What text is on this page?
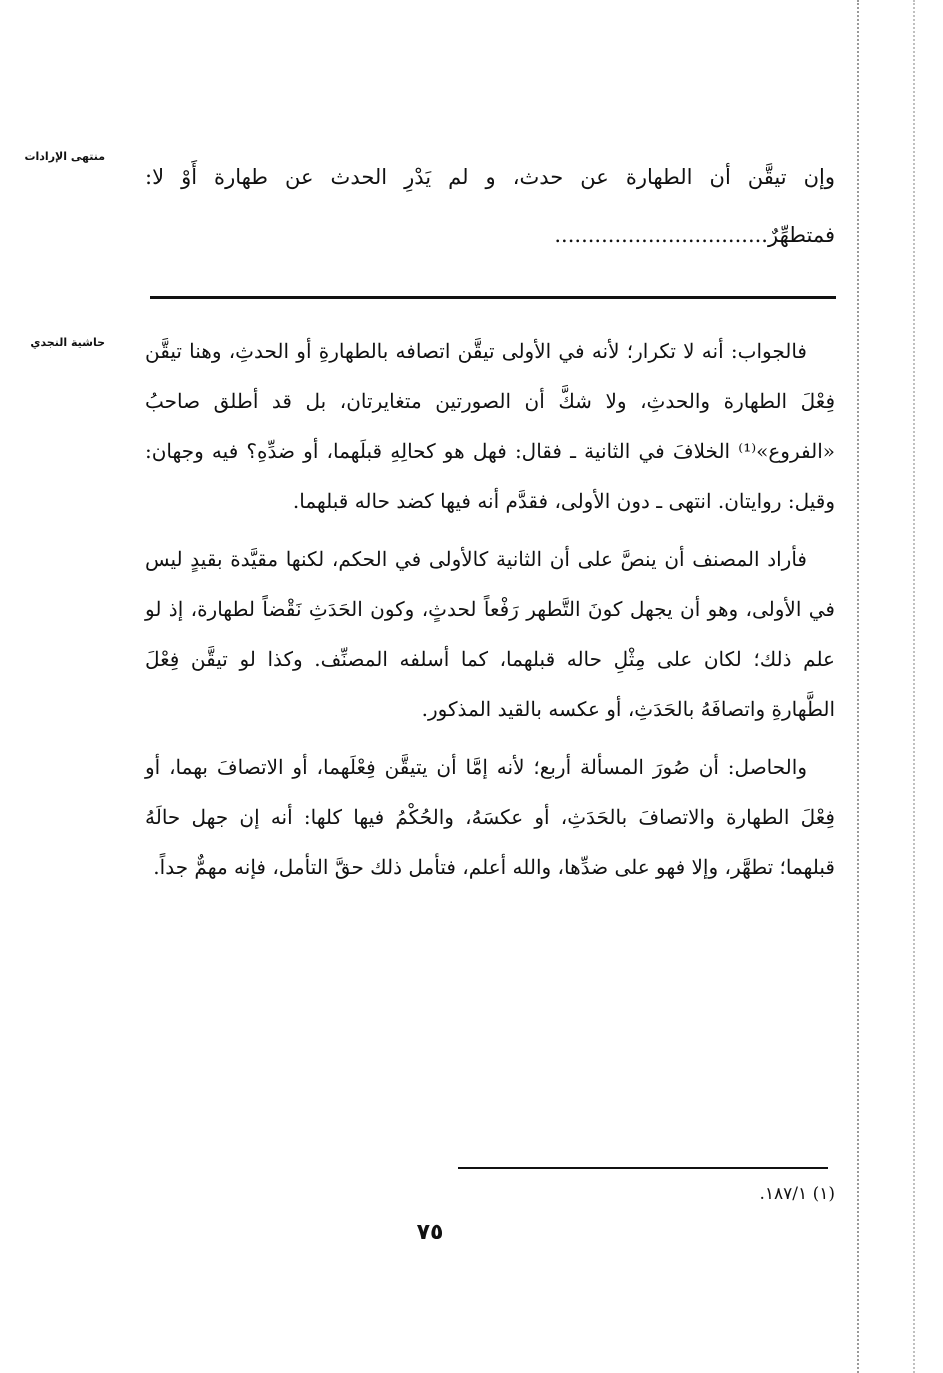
منتهى الإرادات
حاشية النجدي

وإن تيقَّن أن الطهارة عن حدث، و لم يَدْرِ الحدث عن طهارة أَوْ لا: فمتطهِّرٌ................................

فالجواب: أنه لا تكرار؛ لأنه في الأولى تيقَّن اتصافه بالطهارةِ أو الحدثِ، وهنا تيقَّن فِعْلَ الطهارة والحدثِ، ولا شكَّ أن الصورتين متغايرتان، بل قد أطلق صاحبُ «الفروع»⁽¹⁾ الخلافَ في الثانية ـ فقال: فهل هو كحالِهِ قبلَهما، أو ضدِّهِ؟ فيه وجهان: وقيل: روايتان. انتهى ـ دون الأولى، فقدَّم أنه فيها كضد حاله قبلهما.

فأراد المصنف أن ينصَّ على أن الثانية كالأولى في الحكم، لكنها مقيَّدة بقيدٍ ليس في الأولى، وهو أن يجهل كونَ التَّطهر رَفْعاً لحدثٍ، وكون الحَدَثِ نَقْضاً لطهارة، إذ لو علم ذلك؛ لكان على مِثْلِ حاله قبلهما، كما أسلفه المصنِّف. وكذا لو تيقَّن فِعْلَ الطَّهارةِ واتصافَهُ بالحَدَثِ، أو عكسه بالقيد المذكور.

والحاصل: أن صُورَ المسألة أربع؛ لأنه إمَّا أن يتيقَّن فِعْلَهما، أو الاتصافَ بهما، أو فِعْلَ الطهارة والاتصافَ بالحَدَثِ، أو عكسَهُ، والحُكْمُ فيها كلها: أنه إن جهل حالَهُ قبلهما؛ تطهَّر، وإلا فهو على ضدِّها، والله أعلم، فتأمل ذلك حقَّ التأمل، فإنه مهمٌّ جداً.

(١) ١٨٧/١.
٧٥
